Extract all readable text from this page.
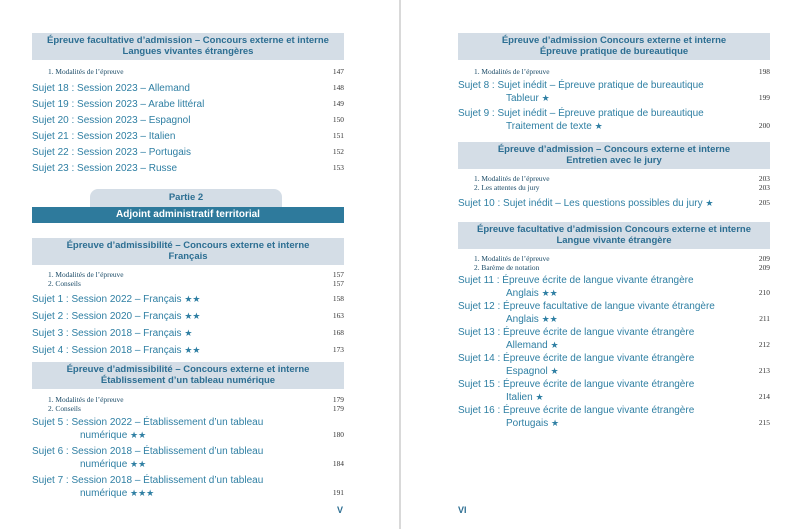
Épreuve facultative d’admission – Concours externe et interne
Langues vivantes étrangères
1. Modalités de l’épreuve	147
Sujet 18 : Session 2023 – Allemand	148
Sujet 19 : Session 2023 – Arabe littéral	149
Sujet 20 : Session 2023 – Espagnol	150
Sujet 21 : Session 2023 – Italien	151
Sujet 22 : Session 2023 – Portugais	152
Sujet 23 : Session 2023 – Russe	153
Partie 2
Adjoint administratif territorial
Épreuve d’admissibilité – Concours externe et interne
Français
1. Modalités de l’épreuve	157
2. Conseils	157
Sujet 1 : Session 2022 – Français ★★	158
Sujet 2 : Session 2020 – Français ★★	163
Sujet 3 : Session 2018 – Français ★	168
Sujet 4 : Session 2018 – Français ★★	173
Épreuve d’admissibilité – Concours externe et interne
Établissement d’un tableau numérique
1. Modalités de l’épreuve	179
2. Conseils	179
Sujet 5 : Session 2022 – Établissement d’un tableau
numérique ★★	180
Sujet 6 : Session 2018 – Établissement d’un tableau
numérique ★★	184
Sujet 7 : Session 2018 – Établissement d’un tableau
numérique ★★★	191
V
Épreuve d’admission Concours externe et interne
Épreuve pratique de bureautique
1. Modalités de l’épreuve	198
Sujet 8 : Sujet inédit – Épreuve pratique de bureautique
Tableur ★	199
Sujet 9 : Sujet inédit – Épreuve pratique de bureautique
Traitement de texte ★	200
Épreuve d’admission – Concours externe et interne
Entretien avec le jury
1. Modalités de l’épreuve	203
2. Les attentes du jury	203
Sujet 10 : Sujet inédit – Les questions possibles du jury ★	205
Épreuve facultative d’admission Concours externe et interne
Langue vivante étrangère
1. Modalités de l’épreuve	209
2. Barème de notation	209
Sujet 11 : Épreuve écrite de langue vivante étrangère
Anglais ★★	210
Sujet 12 : Épreuve facultative de langue vivante étrangère
Anglais ★★	211
Sujet 13 : Épreuve écrite de langue vivante étrangère
Allemand ★	212
Sujet 14 : Épreuve écrite de langue vivante étrangère
Espagnol ★	213
Sujet 15 : Épreuve écrite de langue vivante étrangère
Italien ★	214
Sujet 16 : Épreuve écrite de langue vivante étrangère
Portugais ★	215
VI
